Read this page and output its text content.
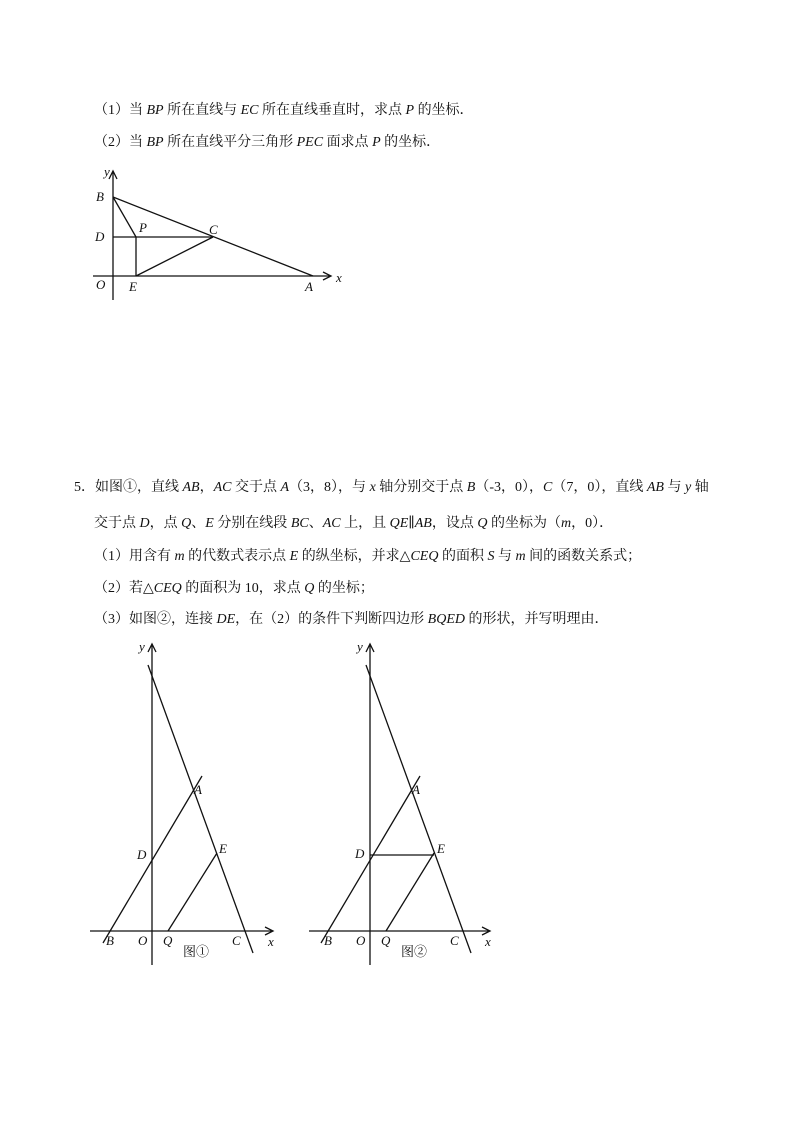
（1）当 BP 所在直线与 EC 所在直线垂直时，求点 P 的坐标．
（2）当 BP 所在直线平分三角形 PEC 面求点 P 的坐标．
y
x
B
D
O
P	C
E	A
5．如图①，直线 AB，AC 交于点 A（3，8），与 x 轴分别交于点 B（-3，0），C（7，0），直线 AB 与 y 轴
交于点 D，点 Q、E 分别在线段 BC、AC 上，且 QE∥AB，设点 Q 的坐标为（m，0）．
（1）用含有 m 的代数式表示点 E 的纵坐标，并求△CEQ 的面积 S 与 m 间的函数关系式；
（2）若△CEQ 的面积为 10，求点 Q 的坐标；
（3）如图②，连接 DE，在（2）的条件下判断四边形 BQED 的形状，并写明理由．
y
x
A
D	E
B O Q	C
图①
y
x
A
D	E
B O Q	C
图②
